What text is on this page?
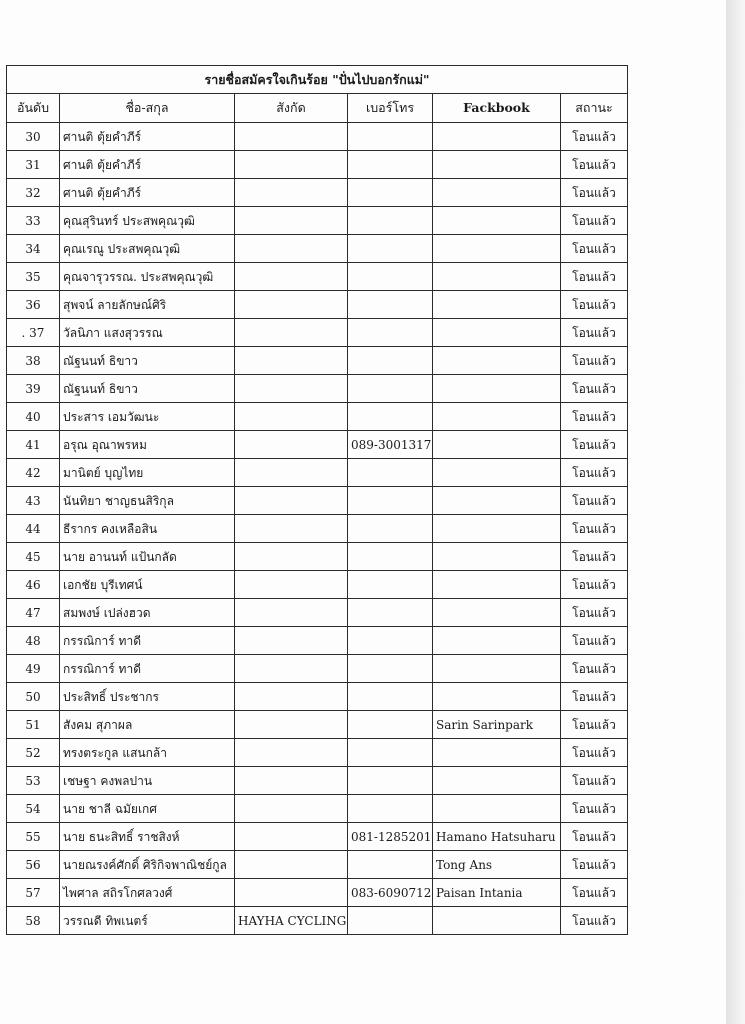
รายชื่อสมัครใจเกินร้อย "ปั่นไปบอกรักแม่"					
อันดับ	ชื่อ-สกุล	สังกัด	เบอร์โทร	Fackbook	สถานะ
30	ศานติ ตุ้ยคำภีร์				โอนแล้ว
31	ศานติ ตุ้ยคำภีร์				โอนแล้ว
32	ศานติ ตุ้ยคำภีร์				โอนแล้ว
33	คุณสุรินทร์ ประสพคุณวุฒิ				โอนแล้ว
34	คุณเรณู ประสพคุณวุฒิ				โอนแล้ว
35	คุณจารุวรรณ. ประสพคุณวุฒิ				โอนแล้ว
36	สุพจน์ ลายลักษณ์ศิริ				โอนแล้ว
. 37	วัลนิภา แสงสุวรรณ				โอนแล้ว
38	ณัฐนนท์ ธิขาว				โอนแล้ว
39	ณัฐนนท์ ธิขาว				โอนแล้ว
40	ประสาร เอมวัฒนะ				โอนแล้ว
41	อรุณ อุณาพรหม		089-3001317		โอนแล้ว
42	มานิตย์ บุญไทย				โอนแล้ว
43	นันทิยา ชาญธนสิริกุล				โอนแล้ว
44	ธีรากร คงเหลือสิน				โอนแล้ว
45	นาย อานนท์ แป้นกลัด				โอนแล้ว
46	เอกชัย บุรีเทศน์				โอนแล้ว
47	สมพงษ์ เปล่งฮวด				โอนแล้ว
48	กรรณิการ์ ทาดี				โอนแล้ว
49	กรรณิการ์ ทาดี				โอนแล้ว
50	ประสิทธิ์ ประชากร				โอนแล้ว
51	สังคม สุภาผล			Sarin Sarinpark	โอนแล้ว
52	ทรงตระกูล แสนกล้า				โอนแล้ว
53	เชษฐา คงพลปาน				โอนแล้ว
54	นาย ชาลี ฉมัยเกศ				โอนแล้ว
55	นาย ธนะสิทธิ์ ราชสิงห์		081-1285201	Hamano Hatsuharu	โอนแล้ว
56	นายณรงค์ศักดิ์ ศิริกิจพาณิชย์กูล			Tong Ans	โอนแล้ว
57	ไพศาล สถิรโกศลวงศ์		083-6090712	Paisan Intania	โอนแล้ว
58	วรรณดี ทิพเนตร์	HAYHA CYCLING			โอนแล้ว
